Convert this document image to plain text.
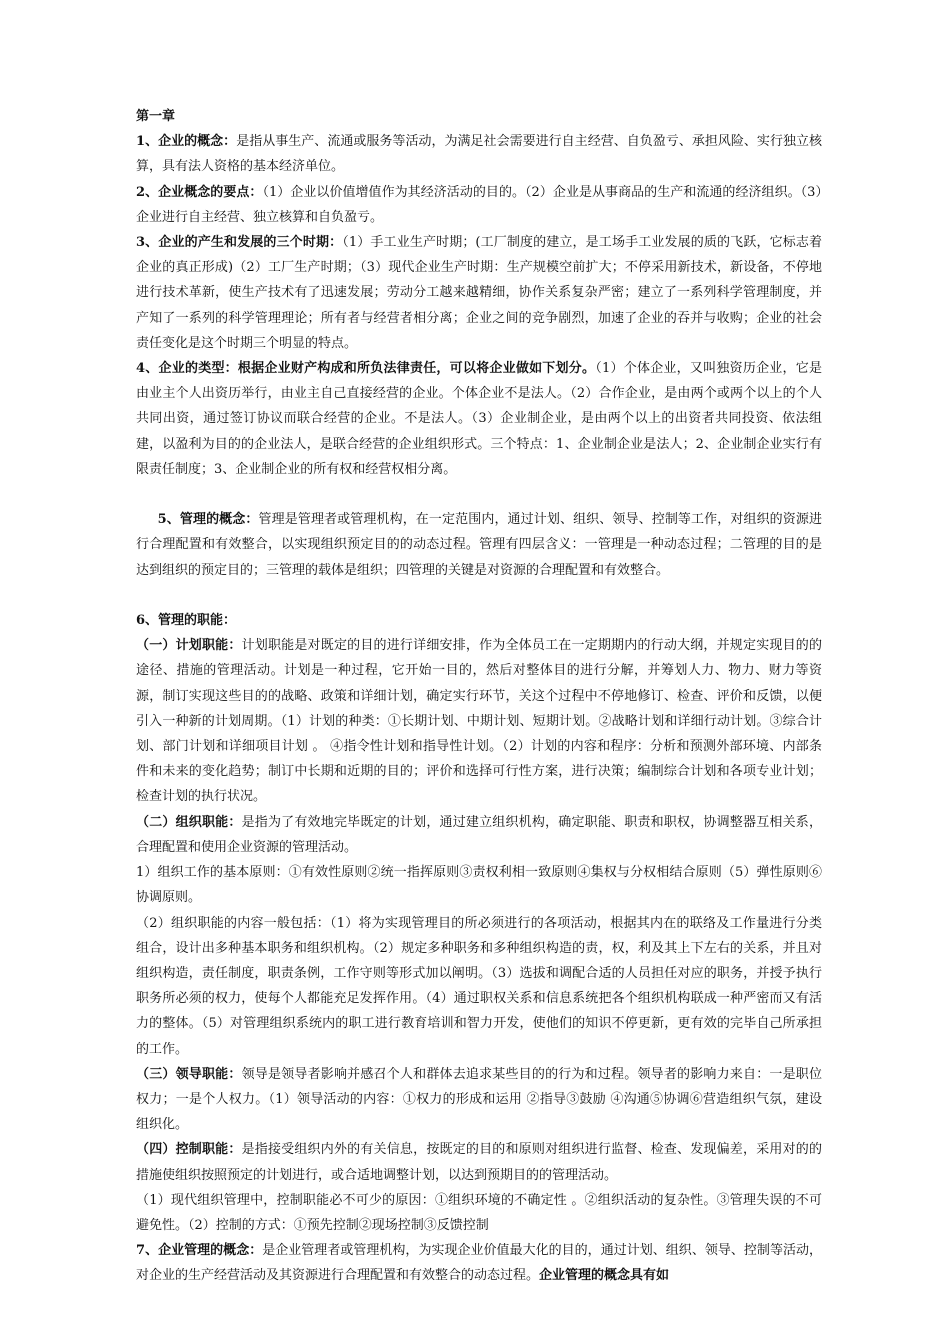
第一章

1、企业的概念：是指从事生产、流通或服务等活动，为满足社会需要进行自主经营、自负盈亏、承担风险、实行独立核算，具有法人资格的基本经济单位。

2、企业概念的要点：（1）企业以价值增值作为其经济活动的目的。（2）企业是从事商品的生产和流通的经济组织。（3）企业进行自主经营、独立核算和自负盈亏。

3、企业的产生和发展的三个时期：（1）手工业生产时期；(工厂制度的建立，是工场手工业发展的质的飞跃，它标志着企业的真正形成)（2）工厂生产时期；（3）现代企业生产时期：生产规模空前扩大；不停采用新技术，新设备，不停地进行技术革新，使生产技术有了迅速发展；劳动分工越来越精细，协作关系复杂严密；建立了一系列科学管理制度，并产知了一系列的科学管理理论；所有者与经营者相分离；企业之间的竞争剧烈，加速了企业的吞并与收购；企业的社会责任变化是这个时期三个明显的特点。

4、企业的类型：根据企业财产构成和所负法律责任，可以将企业做如下划分。（1）个体企业，又叫独资历企业，它是由业主个人出资历举行，由业主自己直接经营的企业。个体企业不是法人。（2）合作企业，是由两个或两个以上的个人共同出资，通过签订协议而联合经营的企业。不是法人。（3）企业制企业，是由两个以上的出资者共同投资、依法组建，以盈利为目的的企业法人，是联合经营的企业组织形式。三个特点：1、企业制企业是法人；2、企业制企业实行有限责任制度；3、企业制企业的所有权和经营权相分离。

5、管理的概念：管理是管理者或管理机构，在一定范围内，通过计划、组织、领导、控制等工作，对组织的资源进行合理配置和有效整合，以实现组织预定目的的动态过程。管理有四层含义：一管理是一种动态过程；二管理的目的是达到组织的预定目的；三管理的载体是组织；四管理的关键是对资源的合理配置和有效整合。

6、管理的职能：

（一）计划职能：计划职能是对既定的目的进行详细安排，作为全体员工在一定期期内的行动大纲，并规定实现目的的途径、措施的管理活动。计划是一种过程，它开始一目的，然后对整体目的进行分解，并筹划人力、物力、财力等资源，制订实现这些目的的战略、政策和详细计划，确定实行环节，关这个过程中不停地修订、检查、评价和反馈，以便引入一种新的计划周期。（1）计划的种类：①长期计划、中期计划、短期计划。②战略计划和详细行动计划。③综合计划、部门计划和详细项目计划 。 ④指令性计划和指导性计划。（2）计划的内容和程序：分析和预测外部环境、内部条件和未来的变化趋势；制订中长期和近期的目的；评价和选择可行性方案，进行决策；编制综合计划和各项专业计划；检查计划的执行状况。

（二）组织职能：是指为了有效地完毕既定的计划，通过建立组织机构，确定职能、职责和职权，协调整器互相关系，合理配置和使用企业资源的管理活动。

1）组织工作的基本原则：①有效性原则②统一指挥原则③责权利相一致原则④集权与分权相结合原则（5）弹性原则⑥协调原则。

（2）组织职能的内容一般包括：（1）将为实现管理目的所必须进行的各项活动，根据其内在的联络及工作量进行分类组合，设计出多种基本职务和组织机构。（2）规定多种职务和多种组织构造的责，权，利及其上下左右的关系，并且对组织构造，责任制度，职责条例，工作守则等形式加以阐明。（3）选拔和调配合适的人员担任对应的职务，并授予执行职务所必须的权力，使每个人都能充足发挥作用。（4）通过职权关系和信息系统把各个组织机构联成一种严密而又有活力的整体。（5）对管理组织系统内的职工进行教育培训和智力开发，使他们的知识不停更新，更有效的完毕自己所承担的工作。

（三）领导职能：领导是领导者影响并感召个人和群体去追求某些目的的行为和过程。领导者的影响力来自：一是职位权力；一是个人权力。（1）领导活动的内容：①权力的形成和运用 ②指导③鼓励 ④沟通⑤协调⑥营造组织气氛，建设组织化。

（四）控制职能：是指接受组织内外的有关信息，按既定的目的和原则对组织进行监督、检查、发现偏差，采用对的的措施使组织按照预定的计划进行，或合适地调整计划，以达到预期目的的管理活动。

（1）现代组织管理中，控制职能必不可少的原因：①组织环境的不确定性 。②组织活动的复杂性。③管理失误的不可避免性。（2）控制的方式：①预先控制②现场控制③反馈控制

7、企业管理的概念：是企业管理者或管理机构，为实现企业价值最大化的目的，通过计划、组织、领导、控制等活动，对企业的生产经营活动及其资源进行合理配置和有效整合的动态过程。企业管理的概念具有如
